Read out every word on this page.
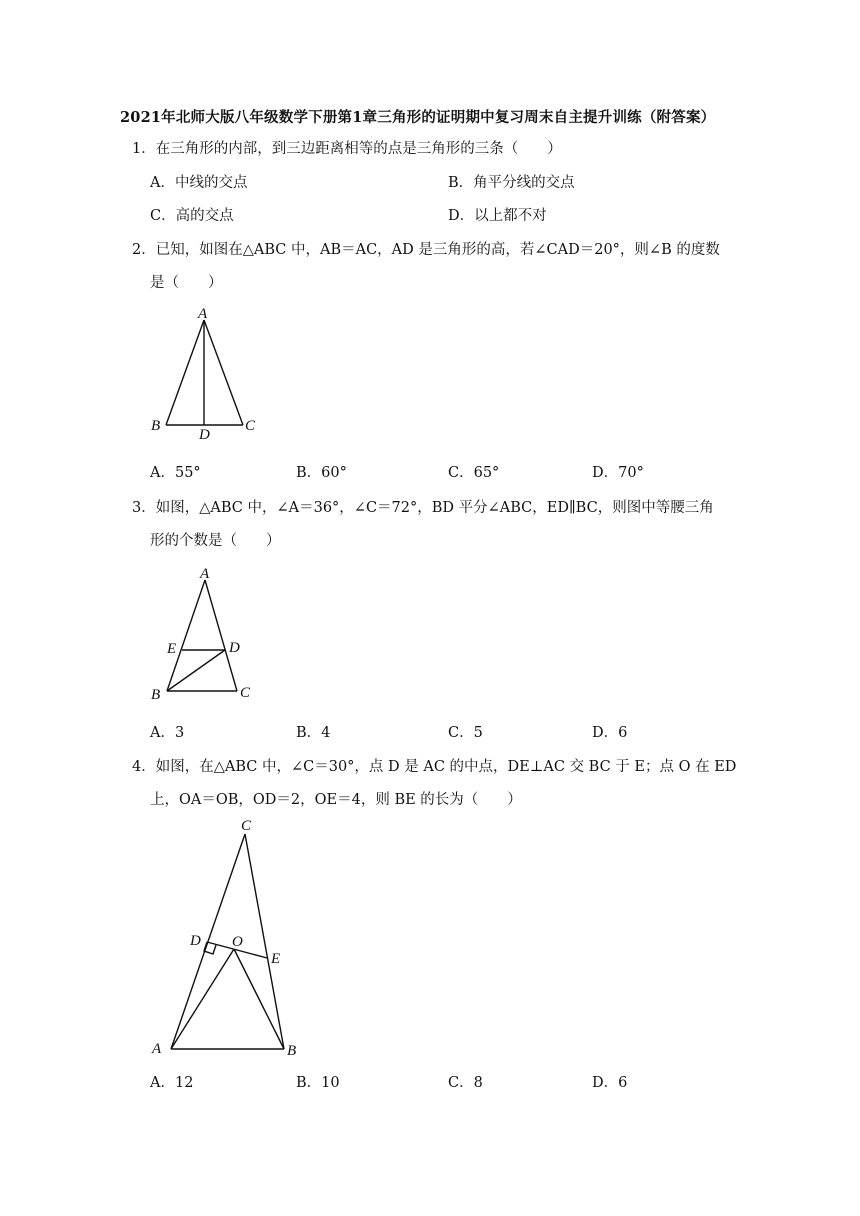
2021年北师大版八年级数学下册第1章三角形的证明期中复习周末自主提升训练（附答案）
1．在三角形的内部，到三边距离相等的点是三角形的三条（　　）
A．中线的交点	B．角平分线的交点
C．高的交点	D．以上都不对
2．已知，如图在△ABC 中，AB＝AC，AD 是三角形的高，若∠CAD＝20°，则∠B 的度数
是（　　）
A
B
D
C
A．55°	B．60°	C．65°	D．70°
3．如图，△ABC 中，∠A＝36°，∠C＝72°，BD 平分∠ABC，ED∥BC，则图中等腰三角
形的个数是（　　）
A
E	D
B	C
A．3	B．4	C．5	D．6
4．如图，在△ABC 中，∠C＝30°，点 D 是 AC 的中点，DE⊥AC 交 BC 于 E；点 O 在 ED
上，OA＝OB，OD＝2，OE＝4，则 BE 的长为（　　）
C
D O
E
A	B
A．12	B．10	C．8	D．6
